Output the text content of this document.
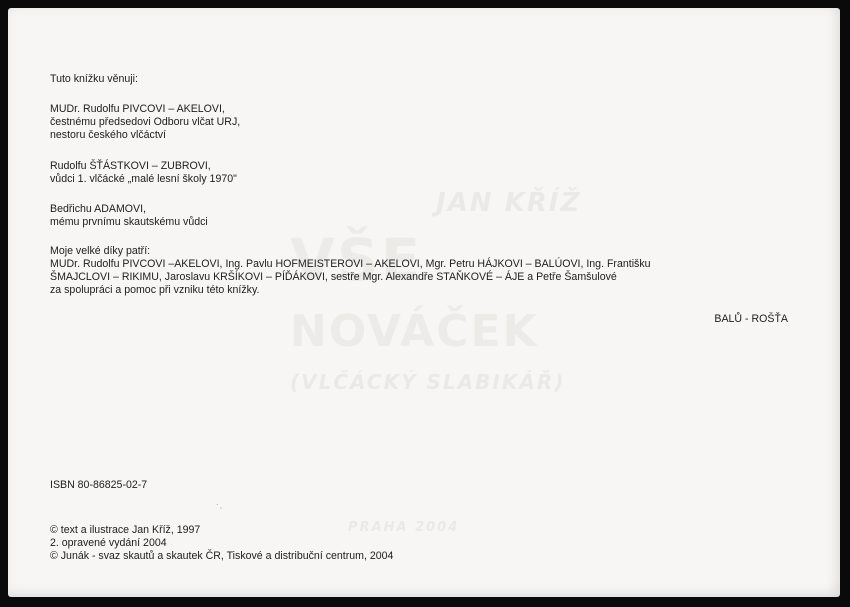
JAN KŘÍŽ
VŠE
NOVÁČEK
(VLČÁCKÝ SLABIKÁŘ)
PRAHA 2004

Tuto knížku věnuji:

MUDr. Rudolfu PIVCOVI – AKELOVI,

čestnému předsedovi Odboru vlčat URJ,

nestoru českého vlčáctví

Rudolfu ŠŤÁSTKOVI – ZUBROVI,

vůdci 1. vlčácké „malé lesní školy 1970"

Bedřichu ADAMOVI,

mému prvnímu skautskému vůdci

Moje velké díky patří:

MUDr. Rudolfu PIVCOVI –AKELOVI, Ing. Pavlu HOFMEISTEROVI – AKELOVI, Mgr. Petru HÁJKOVI – BALÚOVI, Ing. Františku

ŠMAJCLOVI – RIKIMU, Jaroslavu KRŠÍKOVI – PÍĎÁKOVI, sestře Mgr. Alexandře STAŇKOVÉ – ÁJE a Petře Šamšulové

za spolupráci a pomoc při vzniku této knížky.

BALŮ - ROŠŤA
˙·

ISBN 80-86825-02-7

© text a ilustrace Jan Kříž, 1997

2. opravené vydání 2004

© Junák - svaz skautů a skautek ČR, Tiskové a distribuční centrum, 2004
